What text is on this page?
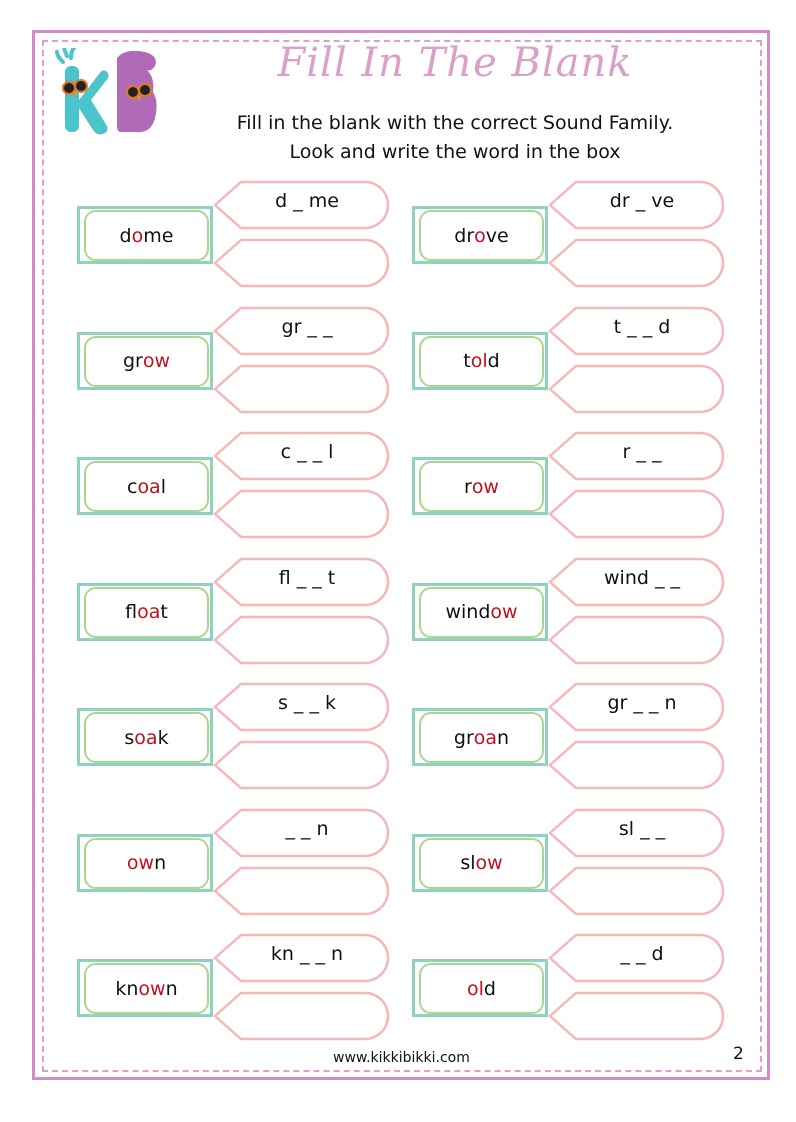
Fill In The Blank
Fill in the blank with the correct Sound Family.
Look and write the word in the box
d o me
d _ me
dr o ve
dr _ ve
gr ow
gr _ _
t ol d
t _ _ d
c oa l
c _ _ l
r ow
r _ _
fl oa t
fl _ _ t
wind ow
wind _ _
s oa k
s _ _ k
gr oa n
gr _ _ n
ow n
_ _ n
sl ow
sl _ _
kn ow n
kn _ _ n
ol d
_ _ d
www.kikkibikki.com	2
